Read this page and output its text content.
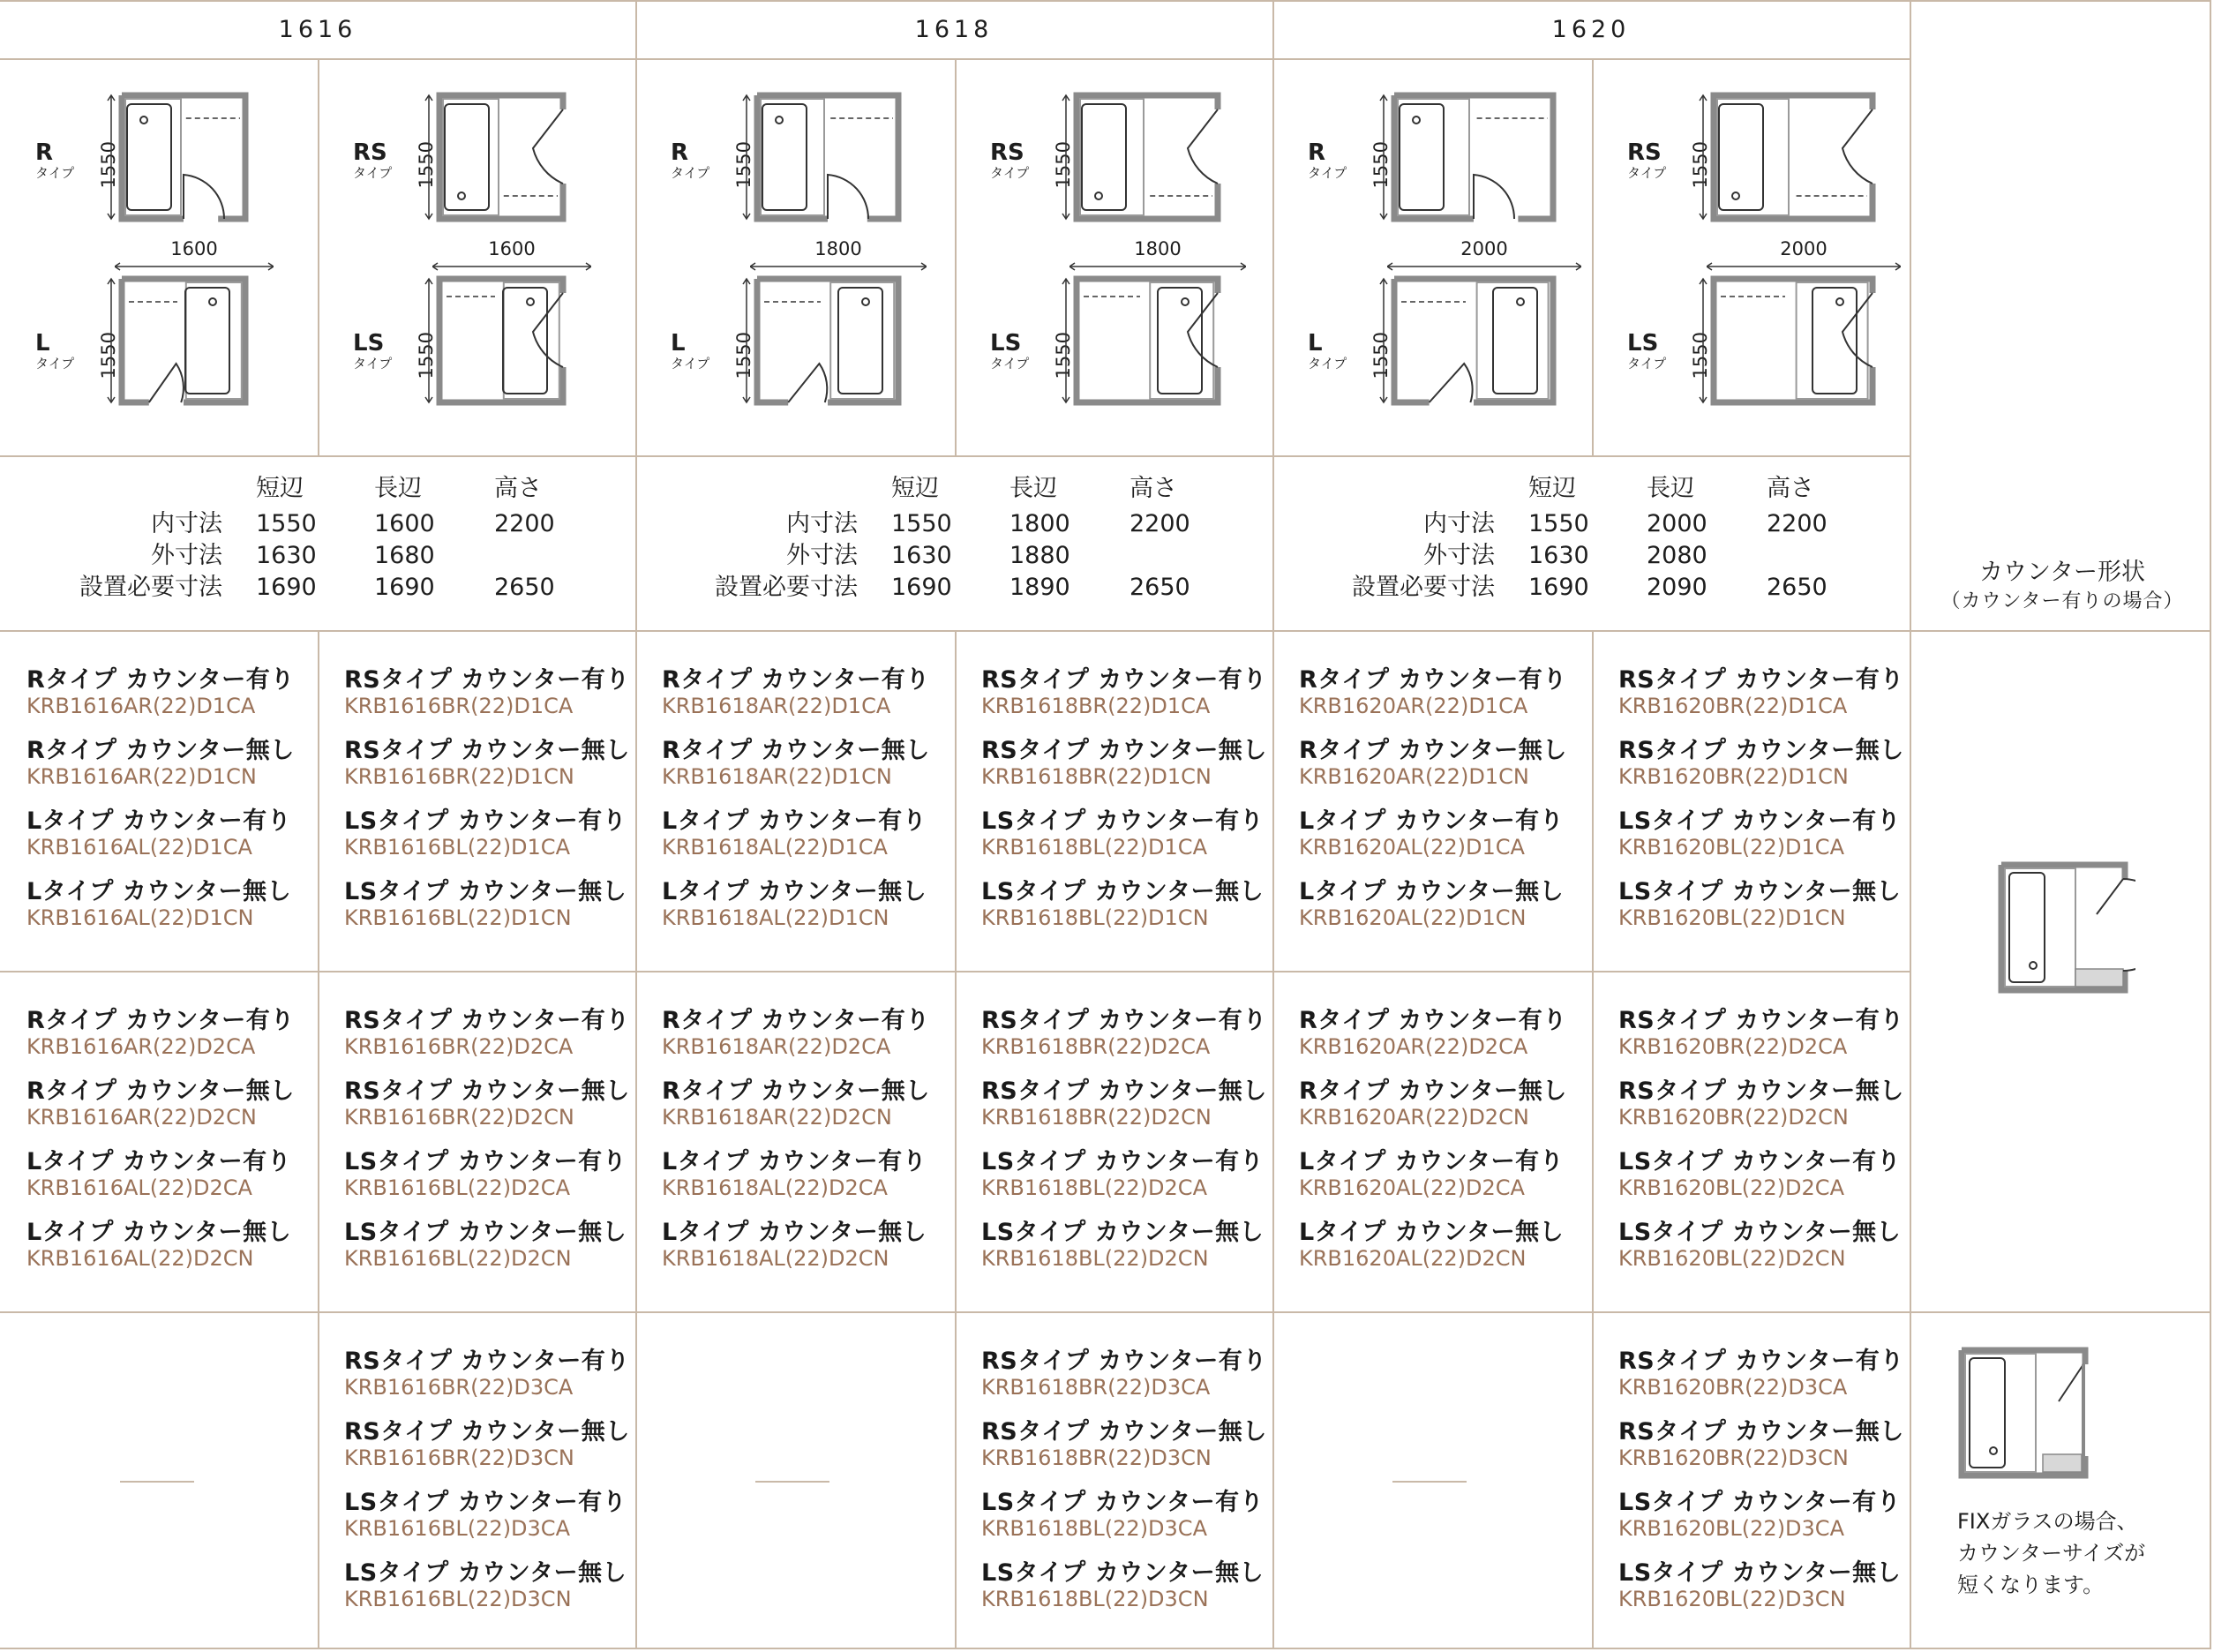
1616	1618	1620
R
タイプ 1550
L
タイプ 1550
1600
RS
タイプ 1550
LS
タイプ 1550
1600
R
タイプ 1550
L
タイプ 1550
1800
RS
タイプ 1550
LS
タイプ 1550
1800
R
タイプ 1550
L
タイプ 1550
2000
RS
タイプ 1550
LS
タイプ 1550
2000
短辺	長辺	高さ
内寸法 1550 1600 2200
外寸法 1630 1680
設置必要寸法 1690 1690 2650
短辺	長辺	高さ
内寸法 1550 1800 2200
外寸法 1630 1880
設置必要寸法 1690 1890 2650
短辺	長辺	高さ
内寸法 1550 2000 2200
外寸法 1630 2080
設置必要寸法 1690 2090 2650
Rタイプ カウンター有り
KRB1616AR(22)D1CA
Rタイプ カウンター無し
KRB1616AR(22)D1CN
Lタイプ カウンター有り
KRB1616AL(22)D1CA
Lタイプ カウンター無し
KRB1616AL(22)D1CN
RSタイプ カウンター有り
KRB1616BR(22)D1CA
RSタイプ カウンター無し
KRB1616BR(22)D1CN
LSタイプ カウンター有り
KRB1616BL(22)D1CA
LSタイプ カウンター無し
KRB1616BL(22)D1CN
Rタイプ カウンター有り
KRB1618AR(22)D1CA
Rタイプ カウンター無し
KRB1618AR(22)D1CN
Lタイプ カウンター有り
KRB1618AL(22)D1CA
Lタイプ カウンター無し
KRB1618AL(22)D1CN
RSタイプ カウンター有り
KRB1618BR(22)D1CA
RSタイプ カウンター無し
KRB1618BR(22)D1CN
LSタイプ カウンター有り
KRB1618BL(22)D1CA
LSタイプ カウンター無し
KRB1618BL(22)D1CN
Rタイプ カウンター有り
KRB1620AR(22)D1CA
Rタイプ カウンター無し
KRB1620AR(22)D1CN
Lタイプ カウンター有り
KRB1620AL(22)D1CA
Lタイプ カウンター無し
KRB1620AL(22)D1CN
RSタイプ カウンター有り
KRB1620BR(22)D1CA
RSタイプ カウンター無し
KRB1620BR(22)D1CN
LSタイプ カウンター有り
KRB1620BL(22)D1CA
LSタイプ カウンター無し
KRB1620BL(22)D1CN
Rタイプ カウンター有り
KRB1616AR(22)D2CA
Rタイプ カウンター無し
KRB1616AR(22)D2CN
Lタイプ カウンター有り
KRB1616AL(22)D2CA
Lタイプ カウンター無し
KRB1616AL(22)D2CN
RSタイプ カウンター有り
KRB1616BR(22)D2CA
RSタイプ カウンター無し
KRB1616BR(22)D2CN
LSタイプ カウンター有り
KRB1616BL(22)D2CA
LSタイプ カウンター無し
KRB1616BL(22)D2CN
Rタイプ カウンター有り
KRB1618AR(22)D2CA
Rタイプ カウンター無し
KRB1618AR(22)D2CN
Lタイプ カウンター有り
KRB1618AL(22)D2CA
Lタイプ カウンター無し
KRB1618AL(22)D2CN
RSタイプ カウンター有り
KRB1618BR(22)D2CA
RSタイプ カウンター無し
KRB1618BR(22)D2CN
LSタイプ カウンター有り
KRB1618BL(22)D2CA
LSタイプ カウンター無し
KRB1618BL(22)D2CN
Rタイプ カウンター有り
KRB1620AR(22)D2CA
Rタイプ カウンター無し
KRB1620AR(22)D2CN
Lタイプ カウンター有り
KRB1620AL(22)D2CA
Lタイプ カウンター無し
KRB1620AL(22)D2CN
RSタイプ カウンター有り
KRB1620BR(22)D2CA
RSタイプ カウンター無し
KRB1620BR(22)D2CN
LSタイプ カウンター有り
KRB1620BL(22)D2CA
LSタイプ カウンター無し
KRB1620BL(22)D2CN
RSタイプ カウンター有り
KRB1616BR(22)D3CA
RSタイプ カウンター無し
KRB1616BR(22)D3CN
LSタイプ カウンター有り
KRB1616BL(22)D3CA
LSタイプ カウンター無し
KRB1616BL(22)D3CN
RSタイプ カウンター有り
KRB1618BR(22)D3CA
RSタイプ カウンター無し
KRB1618BR(22)D3CN
LSタイプ カウンター有り
KRB1618BL(22)D3CA
LSタイプ カウンター無し
KRB1618BL(22)D3CN
RSタイプ カウンター有り
KRB1620BR(22)D3CA
RSタイプ カウンター無し
KRB1620BR(22)D3CN
LSタイプ カウンター有り
KRB1620BL(22)D3CA
LSタイプ カウンター無し
KRB1620BL(22)D3CN
カウンター形状
（カウンター有りの場合）
FIXガラスの場合、
カウンターサイズが
短くなります。
